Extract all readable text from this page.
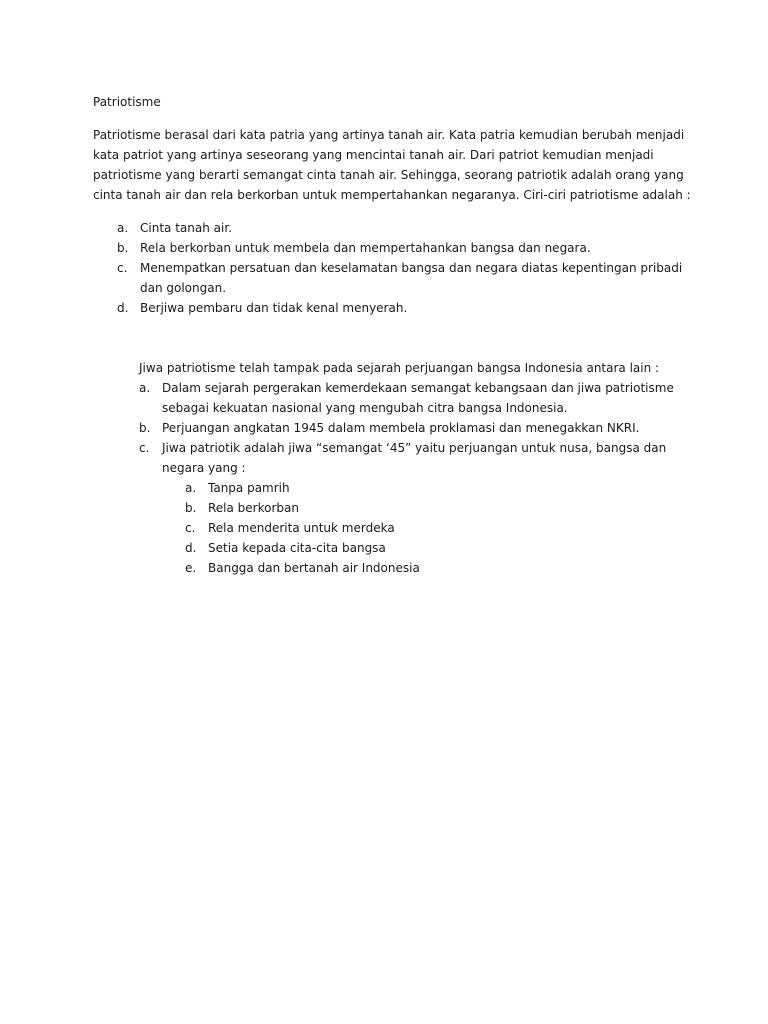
Patriotisme
Patriotisme berasal dari kata patria yang artinya tanah air. Kata patria kemudian berubah menjadi
kata patriot yang artinya seseorang yang mencintai tanah air. Dari patriot kemudian menjadi
patriotisme yang berarti semangat cinta tanah air. Sehingga, seorang patriotik adalah orang yang
cinta tanah air dan rela berkorban untuk mempertahankan negaranya. Ciri-ciri patriotisme adalah :
a. Cinta tanah air.
b. Rela berkorban untuk membela dan mempertahankan bangsa dan negara.
c.	Menempatkan persatuan dan keselamatan bangsa dan negara diatas kepentingan pribadi
dan golongan.
d. Berjiwa pembaru dan tidak kenal menyerah.
Jiwa patriotisme telah tampak pada sejarah perjuangan bangsa Indonesia antara lain :
a. Dalam sejarah pergerakan kemerdekaan semangat kebangsaan dan jiwa patriotisme
sebagai kekuatan nasional yang mengubah citra bangsa Indonesia.
b. Perjuangan angkatan 1945 dalam membela proklamasi dan menegakkan NKRI.
c. Jiwa patriotik adalah jiwa “semangat ‘45” yaitu perjuangan untuk nusa, bangsa dan
negara yang :
a. Tanpa pamrih
b. Rela berkorban
c. Rela menderita untuk merdeka
d. Setia kepada cita-cita bangsa
e. Bangga dan bertanah air Indonesia
